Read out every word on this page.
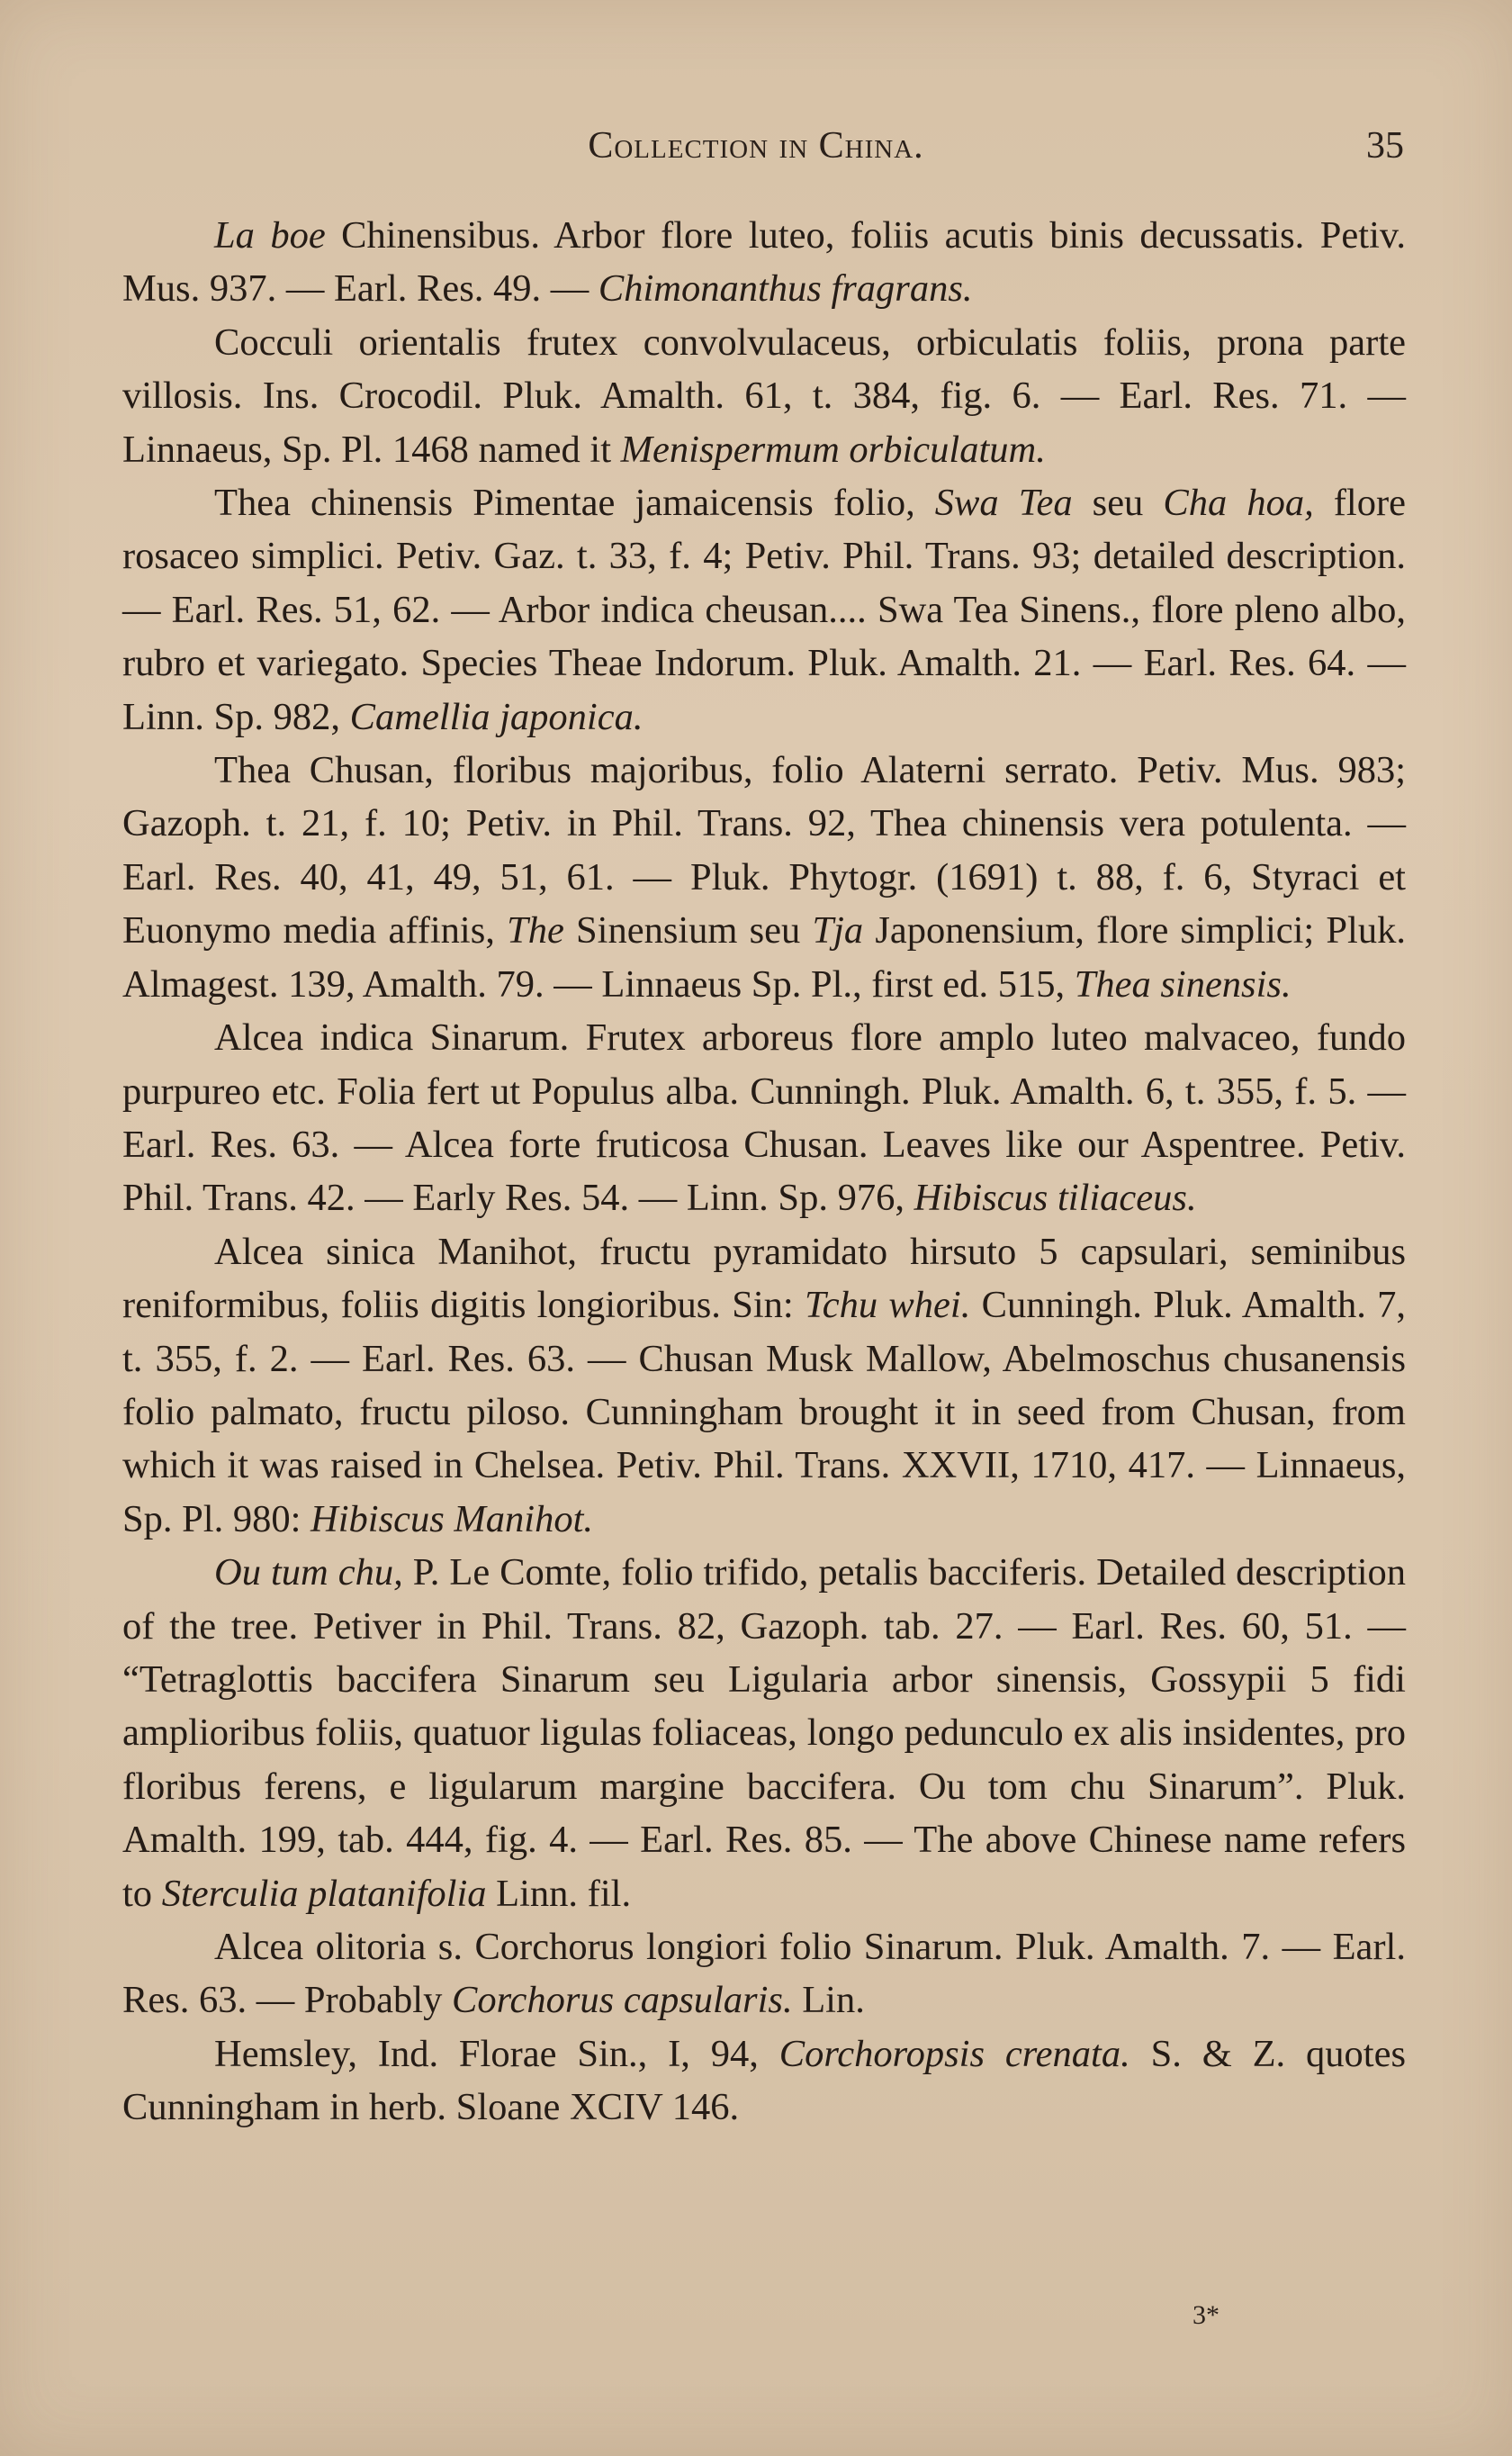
Collection in China.	35

La boe Chinensibus. Arbor flore luteo, foliis acutis binis decussatis. Petiv. Mus. 937. — Earl. Res. 49. — Chimonanthus fragrans.

Cocculi orientalis frutex convolvulaceus, orbiculatis foliis, prona parte villosis. Ins. Crocodil. Pluk. Amalth. 61, t. 384, fig. 6. — Earl. Res. 71. — Linnaeus, Sp. Pl. 1468 named it Menispermum orbiculatum.

Thea chinensis Pimentae jamaicensis folio, Swa Tea seu Cha hoa, flore rosaceo simplici. Petiv. Gaz. t. 33, f. 4; Petiv. Phil. Trans. 93; detailed description. — Earl. Res. 51, 62. — Arbor indica cheusan.... Swa Tea Sinens., flore pleno albo, rubro et variegato. Species Theae Indorum. Pluk. Amalth. 21. — Earl. Res. 64. — Linn. Sp. 982, Camellia japonica.

Thea Chusan, floribus majoribus, folio Alaterni serrato. Petiv. Mus. 983; Gazoph. t. 21, f. 10; Petiv. in Phil. Trans. 92, Thea chinensis vera potulenta. — Earl. Res. 40, 41, 49, 51, 61. — Pluk. Phytogr. (1691) t. 88, f. 6, Styraci et Euonymo media affinis, The Sinensium seu Tja Japonensium, flore simplici; Pluk. Almagest. 139, Amalth. 79. — Linnaeus Sp. Pl., first ed. 515, Thea sinensis.

Alcea indica Sinarum. Frutex arboreus flore amplo luteo malvaceo, fundo purpureo etc. Folia fert ut Populus alba. Cunningh. Pluk. Amalth. 6, t. 355, f. 5. — Earl. Res. 63. — Alcea forte fruticosa Chusan. Leaves like our Aspentree. Petiv. Phil. Trans. 42. — Early Res. 54. — Linn. Sp. 976, Hibiscus tiliaceus.

Alcea sinica Manihot, fructu pyramidato hirsuto 5 capsulari, seminibus reniformibus, foliis digitis longioribus. Sin: Tchu whei. Cunningh. Pluk. Amalth. 7, t. 355, f. 2. — Earl. Res. 63. — Chusan Musk Mallow, Abelmoschus chusanensis folio palmato, fructu piloso. Cunningham brought it in seed from Chusan, from which it was raised in Chelsea. Petiv. Phil. Trans. XXVII, 1710, 417. — Linnaeus, Sp. Pl. 980: Hibiscus Manihot.

Ou tum chu, P. Le Comte, folio trifido, petalis bacciferis. Detailed description of the tree. Petiver in Phil. Trans. 82, Gazoph. tab. 27. — Earl. Res. 60, 51. — “Tetraglottis baccifera Sinarum seu Ligularia arbor sinensis, Gossypii 5 fidi amplioribus foliis, quatuor ligulas foliaceas, longo pedunculo ex alis insidentes, pro floribus ferens, e ligularum margine baccifera. Ou tom chu Sinarum”. Pluk. Amalth. 199, tab. 444, fig. 4. — Earl. Res. 85. — The above Chinese name refers to Sterculia platanifolia Linn. fil.

Alcea olitoria s. Corchorus longiori folio Sinarum. Pluk. Amalth. 7. — Earl. Res. 63. — Probably Corchorus capsularis. Lin.

Hemsley, Ind. Florae Sin., I, 94, Corchoropsis crenata. S. & Z. quotes Cunningham in herb. Sloane XCIV 146.

3*
